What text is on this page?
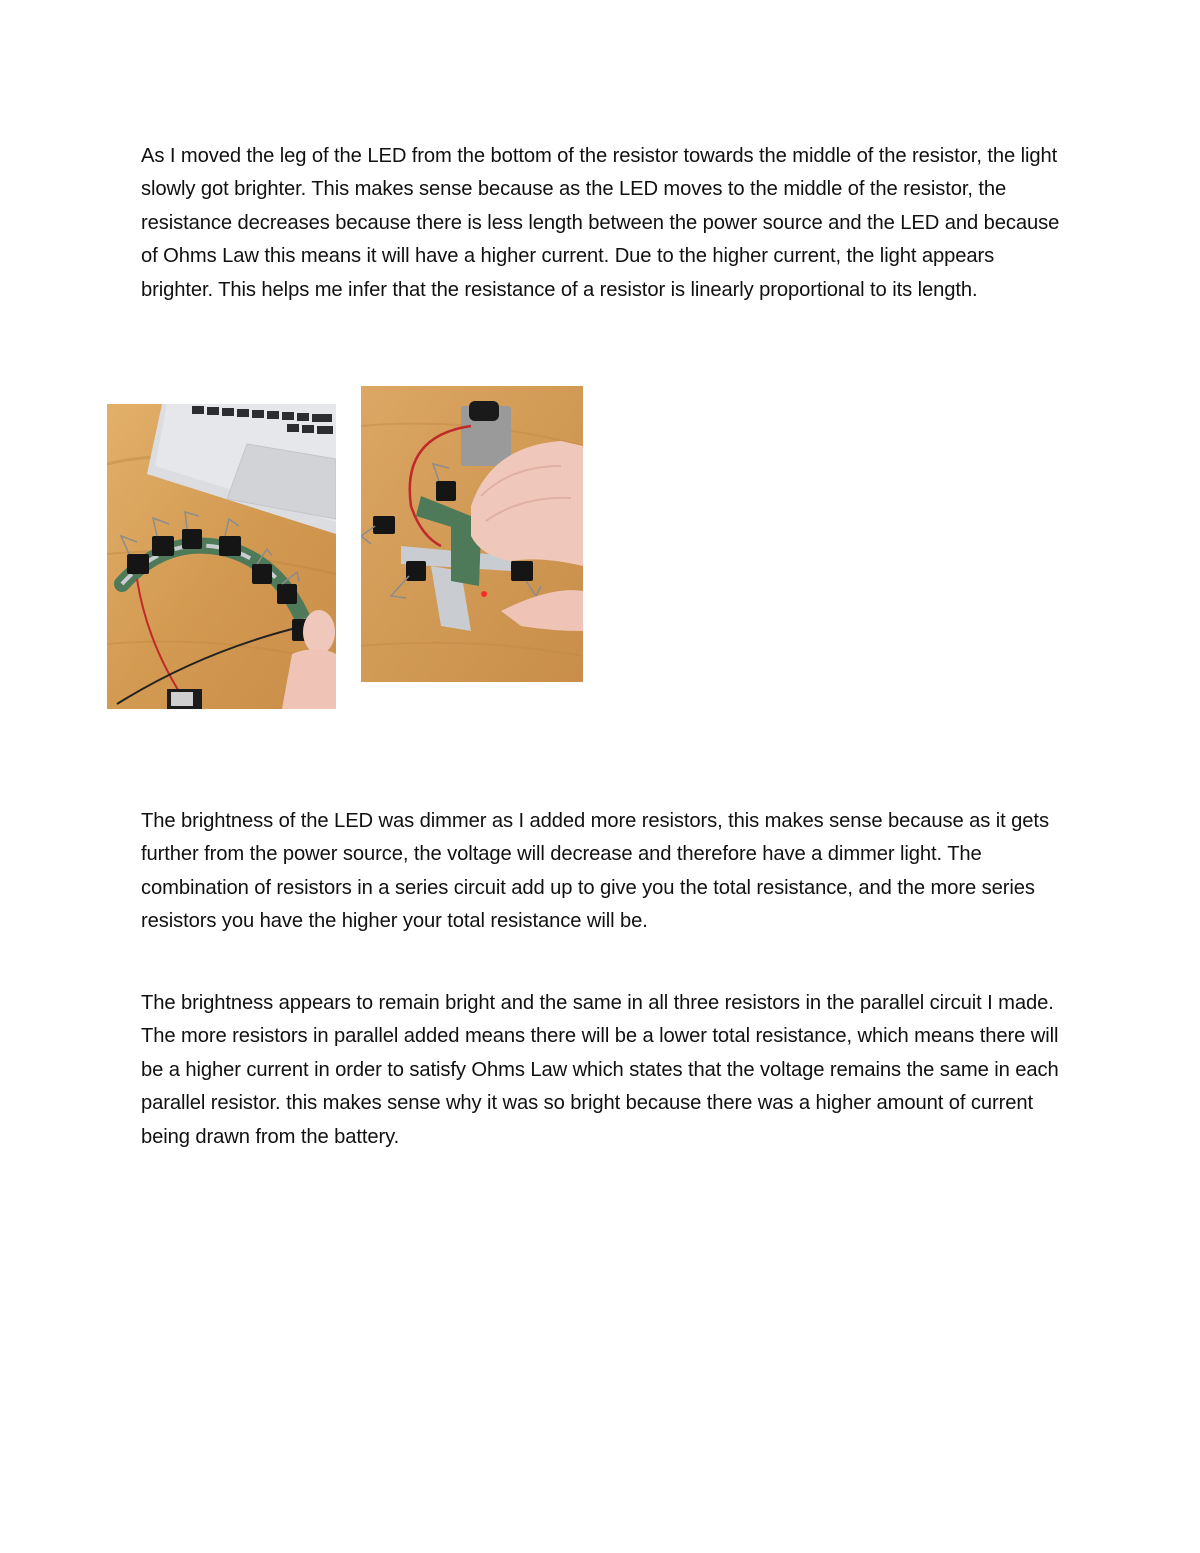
As I moved the leg of the LED from the bottom of the resistor towards the middle of the resistor, the light slowly got brighter. This makes sense because as the LED moves to the middle of the resistor, the resistance decreases because there is less length between the power source and the LED and because of Ohms Law this means it will have a higher current. Due to the higher current, the light appears brighter. This helps me infer that the resistance of a resistor is linearly proportional to its length.

The brightness of the LED was dimmer as I added more resistors, this makes sense because as it gets further from the power source, the voltage will decrease and therefore have a dimmer light. The combination of resistors in a series circuit add up to give you the total resistance, and the more series resistors you have the higher your total resistance will be.

The brightness appears to remain bright and the same in all three resistors in the parallel circuit I made. The more resistors in parallel added means there will be a lower total resistance, which means there will be a higher current in order to satisfy Ohms Law which states that the voltage remains the same in each parallel resistor. this makes sense why it was so bright because there was a higher amount of current being drawn from the battery.
